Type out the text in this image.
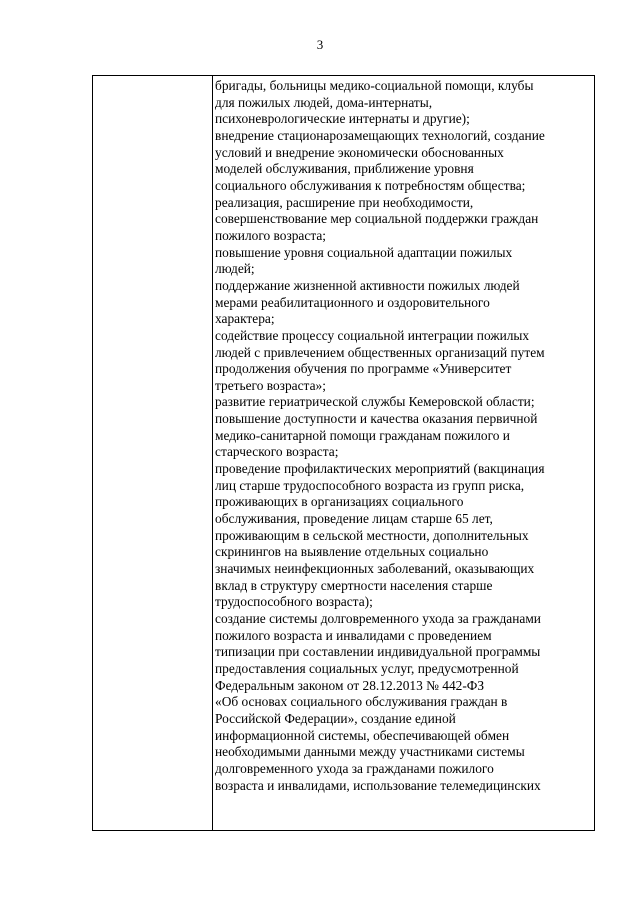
3
бригады, больницы медико-социальной помощи, клубы
для пожилых людей, дома-интернаты,
психоневрологические интернаты и другие);
внедрение стационарозамещающих технологий, создание
условий и внедрение экономически обоснованных
моделей обслуживания, приближение уровня
социального обслуживания к потребностям общества;
реализация, расширение при необходимости,
совершенствование мер социальной поддержки граждан
пожилого возраста;
повышение уровня социальной адаптации пожилых
людей;
поддержание жизненной активности пожилых людей
мерами реабилитационного и оздоровительного
характера;
содействие процессу социальной интеграции пожилых
людей с привлечением общественных организаций путем
продолжения обучения по программе «Университет
третьего возраста»;
развитие гериатрической службы Кемеровской области;
повышение доступности и качества оказания первичной
медико-санитарной помощи гражданам пожилого и
старческого возраста;
проведение профилактических мероприятий (вакцинация
лиц старше трудоспособного возраста из групп риска,
проживающих в организациях социального
обслуживания, проведение лицам старше 65 лет,
проживающим в сельской местности, дополнительных
скринингов на выявление отдельных социально
значимых неинфекционных заболеваний, оказывающих
вклад в структуру смертности населения старше
трудоспособного возраста);
создание системы долговременного ухода за гражданами
пожилого возраста и инвалидами с проведением
типизации при составлении индивидуальной программы
предоставления социальных услуг, предусмотренной
Федеральным законом от 28.12.2013 № 442-ФЗ
«Об основах социального обслуживания граждан в
Российской Федерации», создание единой
информационной системы, обеспечивающей обмен
необходимыми данными между участниками системы
долговременного ухода за гражданами пожилого
возраста и инвалидами, использование телемедицинских
